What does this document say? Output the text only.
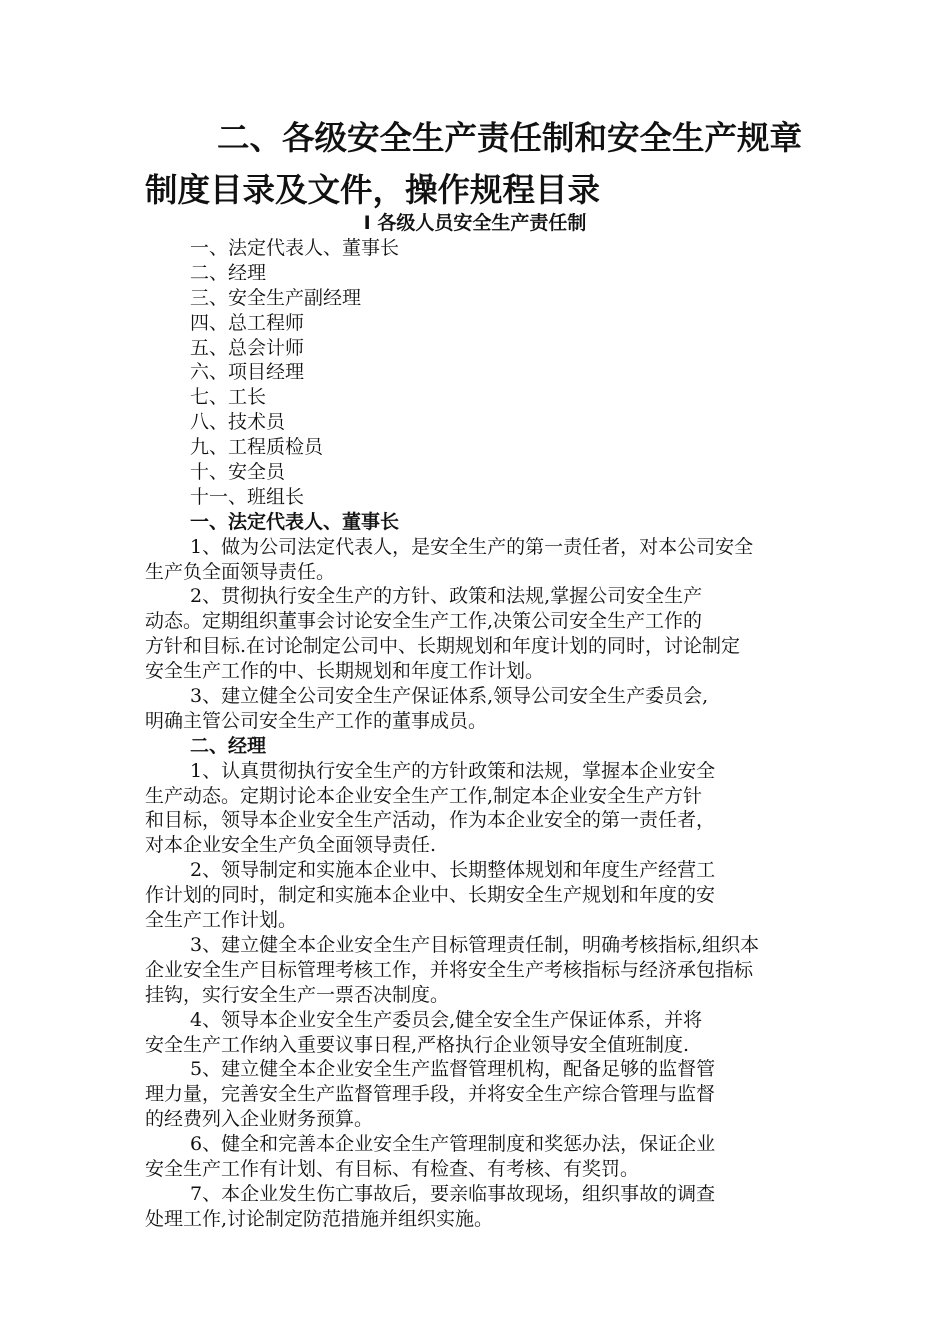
二、各级安全生产责任制和安全生产规章
制度目录及文件，操作规程目录
Ⅰ 各级人员安全生产责任制
一、法定代表人、董事长
二、经理
三、安全生产副经理
四、总工程师
五、总会计师
六、项目经理
七、工长
八、技术员
九、工程质检员
十、安全员
十一、班组长
一、法定代表人、董事长
1、做为公司法定代表人，是安全生产的第一责任者，对本公司安全
生产负全面领导责任。
2、贯彻执行安全生产的方针、政策和法规,掌握公司安全生产
动态。定期组织董事会讨论安全生产工作,决策公司安全生产工作的
方针和目标.在讨论制定公司中、长期规划和年度计划的同时，讨论制定
安全生产工作的中、长期规划和年度工作计划。
3、建立健全公司安全生产保证体系,领导公司安全生产委员会,
明确主管公司安全生产工作的董事成员。
二、经理
1、认真贯彻执行安全生产的方针政策和法规，掌握本企业安全
生产动态。定期讨论本企业安全生产工作,制定本企业安全生产方针
和目标，领导本企业安全生产活动，作为本企业安全的第一责任者，
对本企业安全生产负全面领导责任.
2、领导制定和实施本企业中、长期整体规划和年度生产经营工
作计划的同时，制定和实施本企业中、长期安全生产规划和年度的安
全生产工作计划。
3、建立健全本企业安全生产目标管理责任制，明确考核指标,组织本
企业安全生产目标管理考核工作，并将安全生产考核指标与经济承包指标
挂钩，实行安全生产一票否决制度。
4、领导本企业安全生产委员会,健全安全生产保证体系，并将
安全生产工作纳入重要议事日程,严格执行企业领导安全值班制度.
5、建立健全本企业安全生产监督管理机构，配备足够的监督管
理力量，完善安全生产监督管理手段，并将安全生产综合管理与监督
的经费列入企业财务预算。
6、健全和完善本企业安全生产管理制度和奖惩办法，保证企业
安全生产工作有计划、有目标、有检查、有考核、有奖罚。
7、本企业发生伤亡事故后，要亲临事故现场，组织事故的调查
处理工作,讨论制定防范措施并组织实施。
